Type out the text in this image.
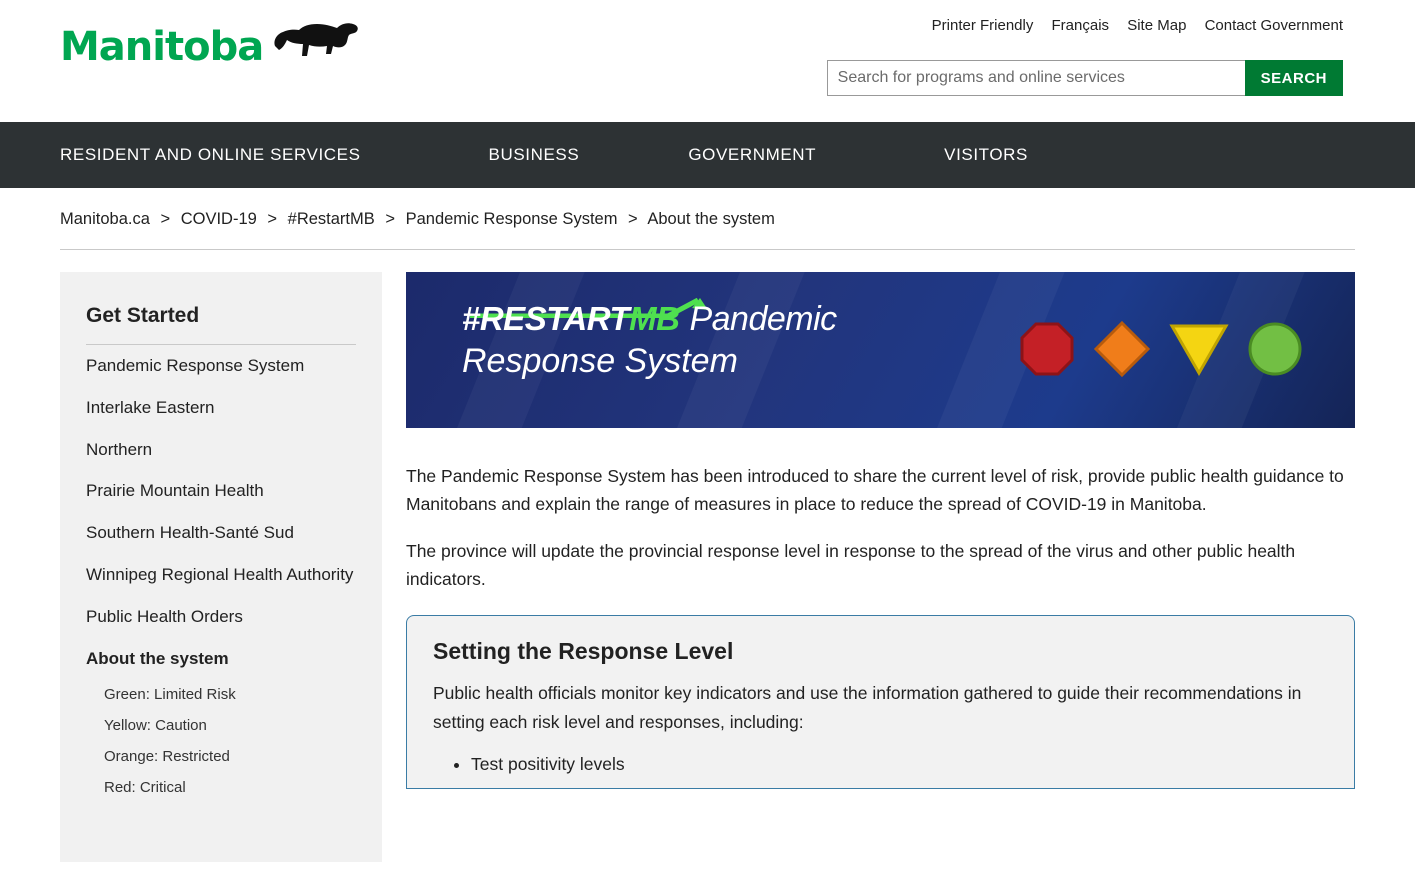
Manitoba	Printer Friendly Français Site Map Contact Government
Search for programs and online services
SEARCH
RESIDENT AND ONLINE SERVICES	BUSINESS	GOVERNMENT	VISITORS
Manitoba.ca > COVID-19 > #RestartMB > Pandemic Response System > About the system
Get Started
Pandemic Response System
Interlake Eastern
Northern
Prairie Mountain Health
Southern Health-Santé Sud
Winnipeg Regional Health Authority
Public Health Orders
About the system
Green: Limited Risk
Yellow: Caution
Orange: Restricted
Red: Critical
#RESTARTMB Pandemic
Response System

The Pandemic Response System has been introduced to share the current level of risk, provide public health guidance to Manitobans and explain the range of measures in place to reduce the spread of COVID-19 in Manitoba.

The province will update the provincial response level in response to the spread of the virus and other public health indicators.

Setting the Response Level

Public health officials monitor key indicators and use the information gathered to guide their recommendations in setting each risk level and responses, including:

• Test positivity levels
